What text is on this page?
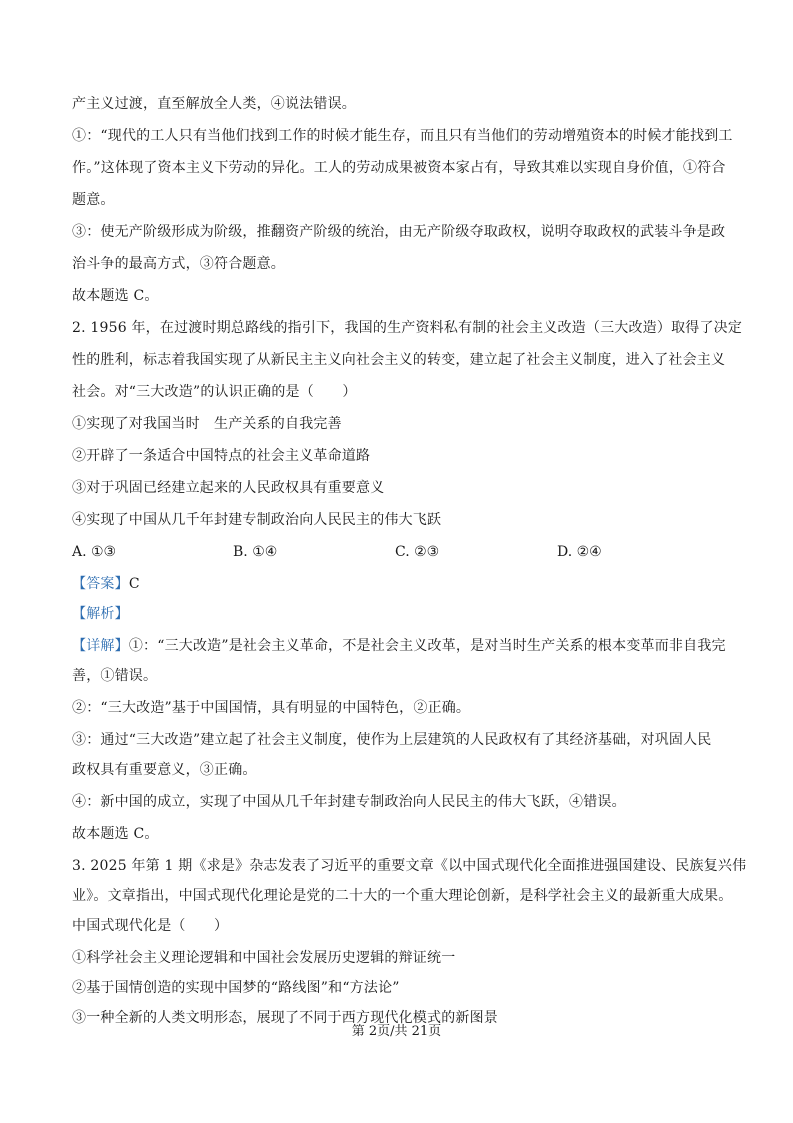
产主义过渡，直至解放全人类，④说法错误。
①：“现代的工人只有当他们找到工作的时候才能生存，而且只有当他们的劳动增殖资本的时候才能找到工
作。”这体现了资本主义下劳动的异化。工人的劳动成果被资本家占有，导致其难以实现自身价值，①符合
题意。
③：使无产阶级形成为阶级，推翻资产阶级的统治，由无产阶级夺取政权，说明夺取政权的武装斗争是政
治斗争的最高方式，③符合题意。
故本题选 C。
2. 1956 年，在过渡时期总路线的指引下，我国的生产资料私有制的社会主义改造（三大改造）取得了决定
性的胜利，标志着我国实现了从新民主主义向社会主义的转变，建立起了社会主义制度，进入了社会主义
社会。对“三大改造”的认识正确的是（　　）
①实现了对我国当时　生产关系的自我完善
②开辟了一条适合中国特点的社会主义革命道路
③对于巩固已经建立起来的人民政权具有重要意义
④实现了中国从几千年封建专制政治向人民民主的伟大飞跃
A. ①③	B. ①④	C. ②③	D. ②④
【答案】C
【解析】
【详解】①：“三大改造”是社会主义革命，不是社会主义改革，是对当时生产关系的根本变革而非自我完
善，①错误。
②：“三大改造”基于中国国情，具有明显的中国特色，②正确。
③：通过“三大改造”建立起了社会主义制度，使作为上层建筑的人民政权有了其经济基础，对巩固人民
政权具有重要意义，③正确。
④：新中国的成立，实现了中国从几千年封建专制政治向人民民主的伟大飞跃，④错误。
故本题选 C。
3. 2025 年第 1 期《求是》杂志发表了习近平的重要文章《以中国式现代化全面推进强国建设、民族复兴伟
业》。文章指出，中国式现代化理论是党的二十大的一个重大理论创新，是科学社会主义的最新重大成果。
中国式现代化是（　　）
①科学社会主义理论逻辑和中国社会发展历史逻辑的辩证统一
②基于国情创造的实现中国梦的“路线图”和“方法论”
③一种全新的人类文明形态，展现了不同于西方现代化模式的新图景
第 2页/共 21页
